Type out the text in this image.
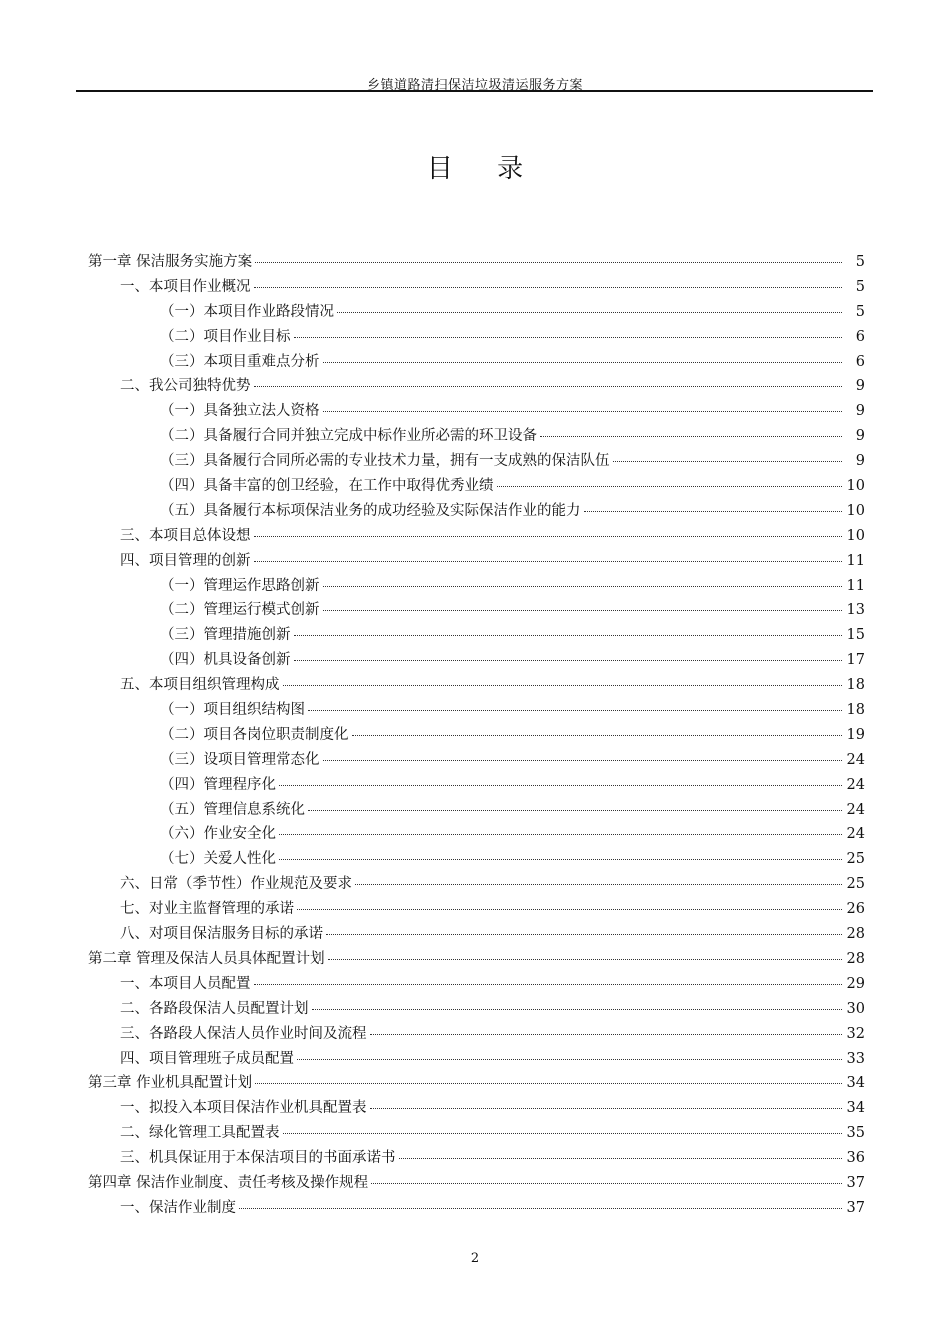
乡镇道路清扫保洁垃圾清运服务方案
目 录
第一章 保洁服务实施方案	5
一、本项目作业概况	5
（一）本项目作业路段情况	5
（二）项目作业目标	6
（三）本项目重难点分析	6
二、我公司独特优势	9
（一）具备独立法人资格	9
（二）具备履行合同并独立完成中标作业所必需的环卫设备	9
（三）具备履行合同所必需的专业技术力量，拥有一支成熟的保洁队伍	9
（四）具备丰富的创卫经验，在工作中取得优秀业绩	10
（五）具备履行本标项保洁业务的成功经验及实际保洁作业的能力	10
三、本项目总体设想	10
四、项目管理的创新	11
（一）管理运作思路创新	11
（二）管理运行模式创新	13
（三）管理措施创新	15
（四）机具设备创新	17
五、本项目组织管理构成	18
（一）项目组织结构图	18
（二）项目各岗位职责制度化	19
（三）设项目管理常态化	24
（四）管理程序化	24
（五）管理信息系统化	24
（六）作业安全化	24
（七）关爱人性化	25
六、日常（季节性）作业规范及要求	25
七、对业主监督管理的承诺	26
八、对项目保洁服务目标的承诺	28
第二章 管理及保洁人员具体配置计划	28
一、本项目人员配置	29
二、各路段保洁人员配置计划	30
三、各路段人保洁人员作业时间及流程	32
四、项目管理班子成员配置	33
第三章 作业机具配置计划	34
一、拟投入本项目保洁作业机具配置表	34
二、绿化管理工具配置表	35
三、机具保证用于本保洁项目的书面承诺书	36
第四章 保洁作业制度、责任考核及操作规程	37
一、保洁作业制度	37
2
